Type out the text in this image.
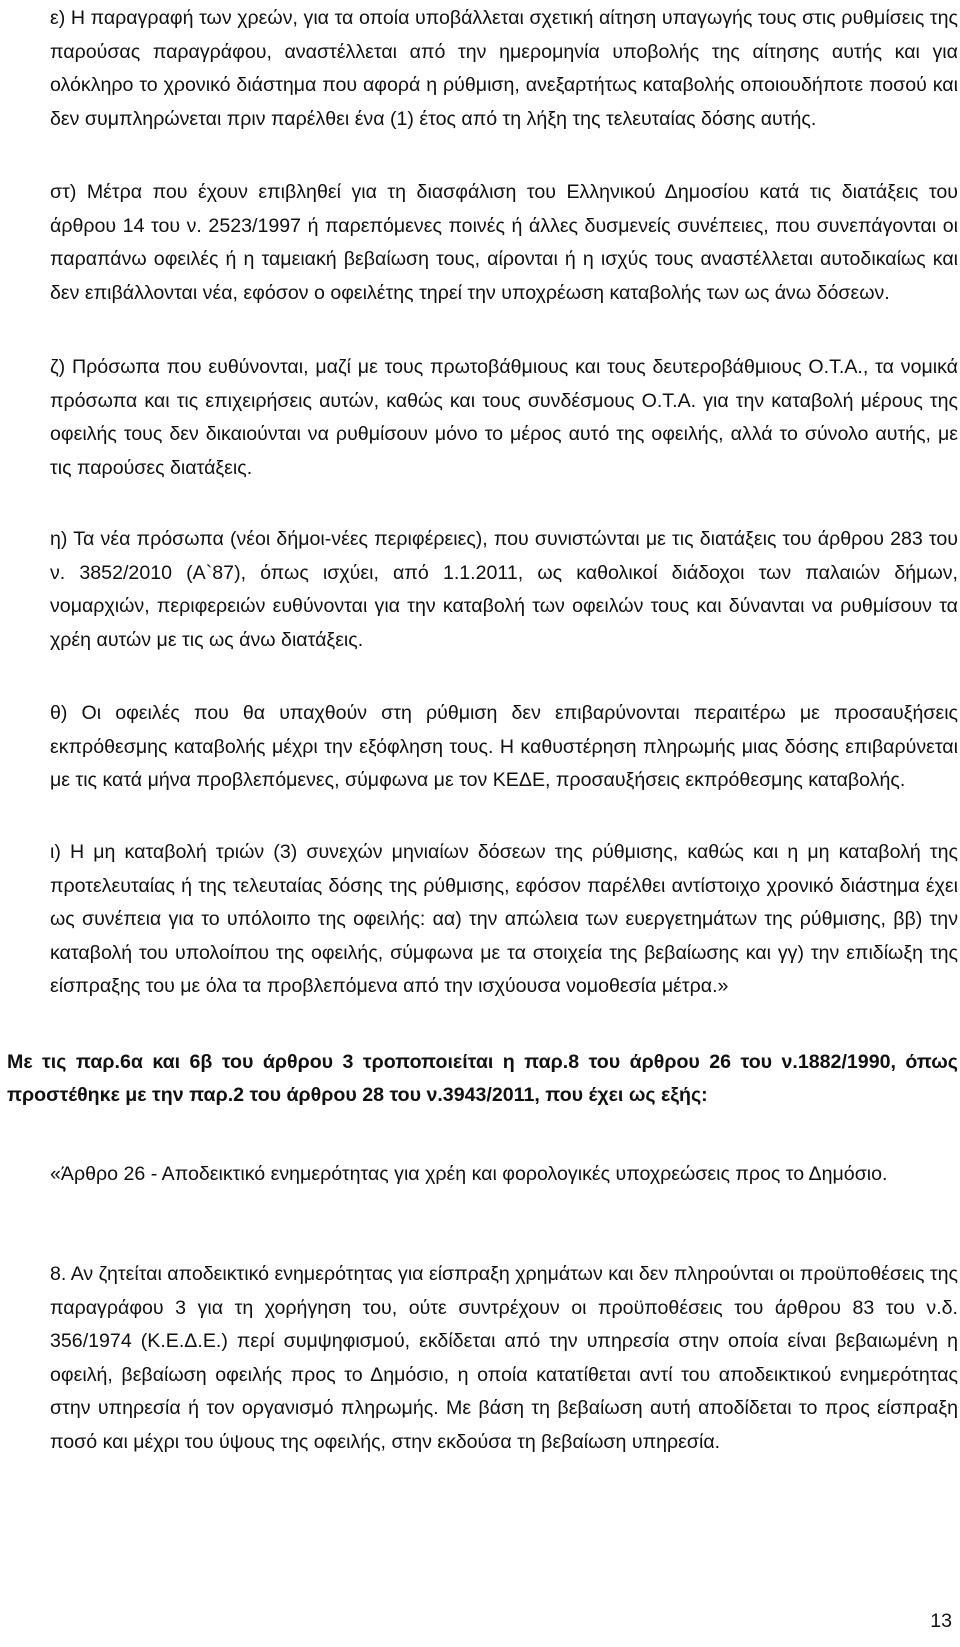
ε) Η παραγραφή των χρεών, για τα οποία υποβάλλεται σχετική αίτηση υπαγωγής τους στις ρυθμίσεις της παρούσας παραγράφου, αναστέλλεται από την ημερομηνία υποβολής της αίτησης αυτής και για ολόκληρο το χρονικό διάστημα που αφορά η ρύθμιση, ανεξαρτήτως καταβολής οποιουδήποτε ποσού και δεν συμπληρώνεται πριν παρέλθει ένα (1) έτος από τη λήξη της τελευταίας δόσης αυτής.

στ) Μέτρα που έχουν επιβληθεί για τη διασφάλιση του Ελληνικού Δημοσίου κατά τις διατάξεις του άρθρου 14 του ν. 2523/1997 ή παρεπόμενες ποινές ή άλλες δυσμενείς συνέπειες, που συνεπάγονται οι παραπάνω οφειλές ή η ταμειακή βεβαίωση τους, αίρονται ή η ισχύς τους αναστέλλεται αυτοδικαίως και δεν επιβάλλονται νέα, εφόσον ο οφειλέτης τηρεί την υποχρέωση καταβολής των ως άνω δόσεων.

ζ) Πρόσωπα που ευθύνονται, μαζί με τους πρωτοβάθμιους και τους δευτεροβάθμιους Ο.Τ.Α., τα νομικά πρόσωπα και τις επιχειρήσεις αυτών, καθώς και τους συνδέσμους Ο.Τ.Α. για την καταβολή μέρους της οφειλής τους δεν δικαιούνται να ρυθμίσουν μόνο το μέρος αυτό της οφειλής, αλλά το σύνολο αυτής, με τις παρούσες διατάξεις.

η) Τα νέα πρόσωπα (νέοι δήμοι-νέες περιφέρειες), που συνιστώνται με τις διατάξεις του άρθρου 283 του ν. 3852/2010 (Α`87), όπως ισχύει, από 1.1.2011, ως καθολικοί διάδοχοι των παλαιών δήμων, νομαρχιών, περιφερειών ευθύνονται για την καταβολή των οφειλών τους και δύνανται να ρυθμίσουν τα χρέη αυτών με τις ως άνω διατάξεις.

θ) Οι οφειλές που θα υπαχθούν στη ρύθμιση δεν επιβαρύνονται περαιτέρω με προσαυξήσεις εκπρόθεσμης καταβολής μέχρι την εξόφληση τους. Η καθυστέρηση πληρωμής μιας δόσης επιβαρύνεται με τις κατά μήνα προβλεπόμενες, σύμφωνα με τον ΚΕΔΕ, προσαυξήσεις εκπρόθεσμης καταβολής.

ι) Η μη καταβολή τριών (3) συνεχών μηνιαίων δόσεων της ρύθμισης, καθώς και η μη καταβολή της προτελευταίας ή της τελευταίας δόσης της ρύθμισης, εφόσον παρέλθει αντίστοιχο χρονικό διάστημα έχει ως συνέπεια για το υπόλοιπο της οφειλής: αα) την απώλεια των ευεργετημάτων της ρύθμισης, ββ) την καταβολή του υπολοίπου της οφειλής, σύμφωνα με τα στοιχεία της βεβαίωσης και γγ) την επιδίωξη της είσπραξης του με όλα τα προβλεπόμενα από την ισχύουσα νομοθεσία μέτρα.»

Με τις παρ.6α και 6β του άρθρου 3 τροποποιείται η παρ.8 του άρθρου 26 του ν.1882/1990, όπως προστέθηκε με την παρ.2 του άρθρου 28 του ν.3943/2011, που έχει ως εξής:

«Άρθρο 26 - Αποδεικτικό ενημερότητας για χρέη και φορολογικές υποχρεώσεις προς το Δημόσιο.

8. Αν ζητείται αποδεικτικό ενημερότητας για είσπραξη χρημάτων και δεν πληρούνται οι προϋποθέσεις της παραγράφου 3 για τη χορήγηση του, ούτε συντρέχουν οι προϋποθέσεις του άρθρου 83 του ν.δ. 356/1974 (Κ.Ε.Δ.Ε.) περί συμψηφισμού, εκδίδεται από την υπηρεσία στην οποία είναι βεβαιωμένη η οφειλή, βεβαίωση οφειλής προς το Δημόσιο, η οποία κατατίθεται αντί του αποδεικτικού ενημερότητας στην υπηρεσία ή τον οργανισμό πληρωμής. Με βάση τη βεβαίωση αυτή αποδίδεται το προς είσπραξη ποσό και μέχρι του ύψους της οφειλής, στην εκδούσα τη βεβαίωση υπηρεσία.

13
